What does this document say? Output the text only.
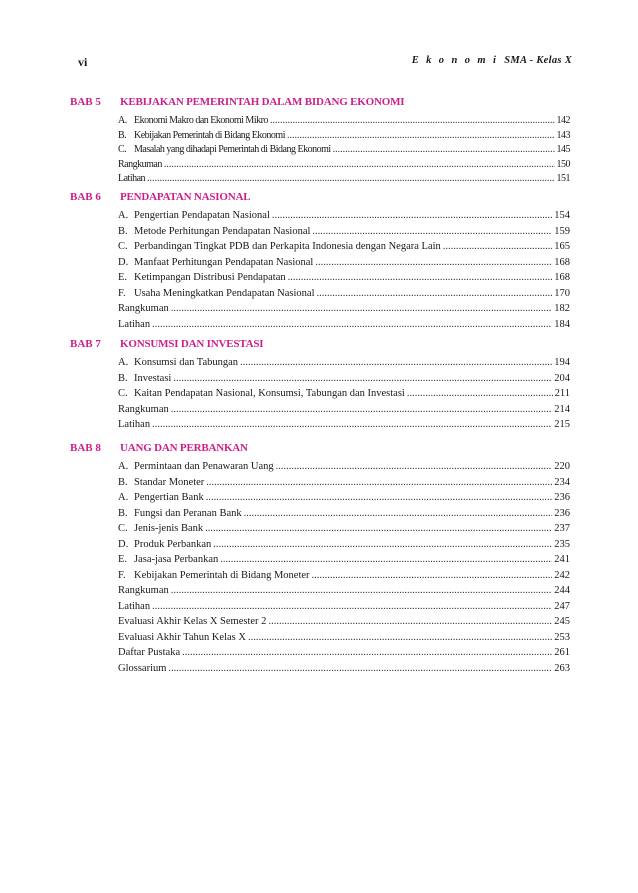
vi	E k o n o m i SMA - Kelas X
BAB 5 KEBIJAKAN PEMERINTAH DALAM BIDANG EKONOMI
A. Ekonomi Makro dan Ekonomi Mikro .....	142
B. Kebijakan Pemerintah di Bidang Ekonomi .....	143
C. Masalah yang dihadapi Pemerintah di Bidang Ekonomi .....	145
Rangkuman .....	150
Latihan .....	151
BAB 6 PENDAPATAN NASIONAL
A. Pengertian Pendapatan Nasional .....	154
B. Metode Perhitungan Pendapatan Nasional .....	159
C. Perbandingan Tingkat PDB dan Perkapita Indonesia dengan Negara Lain .....	165
D. Manfaat Perhitungan Pendapatan Nasional .....	168
E. Ketimpangan Distribusi Pendapatan .....	168
F. Usaha Meningkatkan Pendapatan Nasional .....	170
Rangkuman .....	182
Latihan .....	184
BAB 7 KONSUMSI DAN INVESTASI
A. Konsumsi dan Tabungan .....	194
B. Investasi .....	204
C. Kaitan Pendapatan Nasional, Konsumsi, Tabungan dan Investasi .....	211
Rangkuman .....	214
Latihan .....	215
BAB 8 UANG DAN PERBANKAN
A. Permintaan dan Penawaran Uang .....	220
B. Standar Moneter .....	234
A. Pengertian Bank .....	236
B. Fungsi dan Peranan Bank .....	236
C. Jenis-jenis Bank .....	237
D. Produk Perbankan .....	235
E. Jasa-jasa Perbankan .....	241
F. Kebijakan Pemerintah di Bidang Moneter .....	242
Rangkuman .....	244
Latihan .....	247
Evaluasi Akhir Kelas X Semester 2 .....	245
Evaluasi Akhir Tahun Kelas X .....	253
Daftar Pustaka .....	261
Glossarium .....	263
